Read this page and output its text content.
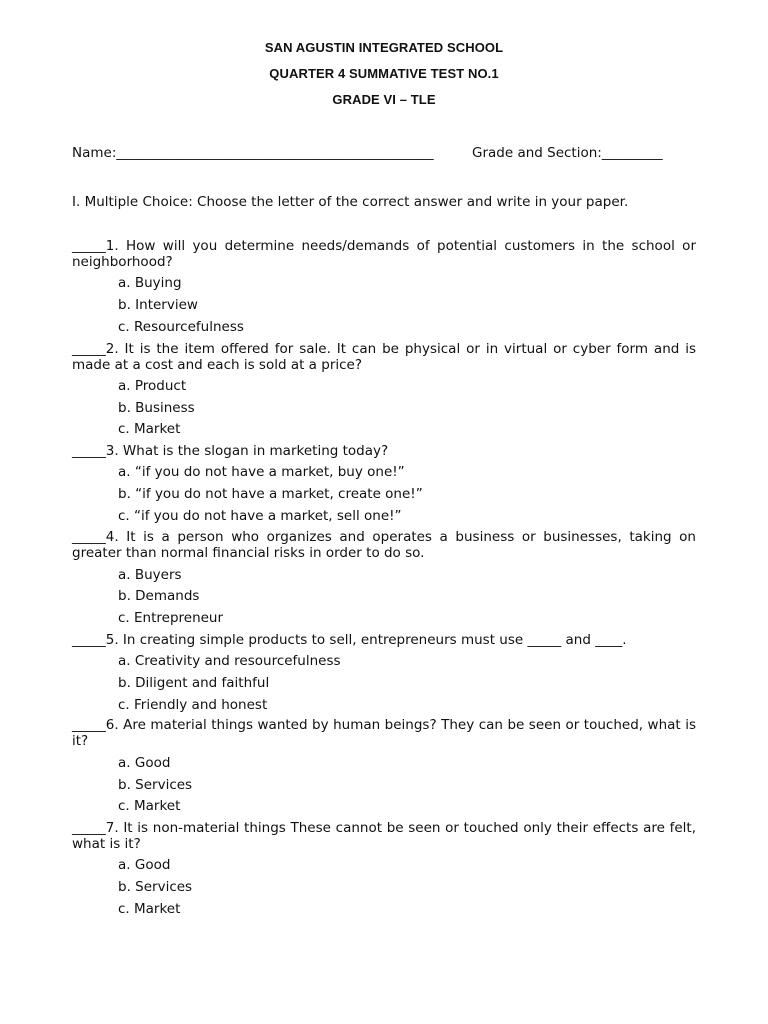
SAN AGUSTIN INTEGRATED SCHOOL
QUARTER 4 SUMMATIVE TEST NO.1
GRADE VI – TLE
Name:_______________________________________________	Grade and Section:_________
I. Multiple Choice: Choose the letter of the correct answer and write in your paper.
_____1. How will you determine needs/demands of potential customers in the school or neighborhood?
a. Buying
b. Interview
c. Resourcefulness
_____2. It is the item offered for sale. It can be physical or in virtual or cyber form and is made at a cost and each is sold at a price?
a. Product
b. Business
c. Market
_____3. What is the slogan in marketing today?
a. “if you do not have a market, buy one!”
b. “if you do not have a market, create one!”
c. “if you do not have a market, sell one!”
_____4. It is a person who organizes and operates a business or businesses, taking on greater than normal financial risks in order to do so.
a. Buyers
b. Demands
c. Entrepreneur
_____5. In creating simple products to sell, entrepreneurs must use _____ and ____.
a. Creativity and resourcefulness
b. Diligent and faithful
c. Friendly and honest
_____6. Are material things wanted by human beings? They can be seen or touched, what is it?
a. Good
b. Services
c. Market
_____7. It is non-material things These cannot be seen or touched only their effects are felt, what is it?
a. Good
b. Services
c. Market
